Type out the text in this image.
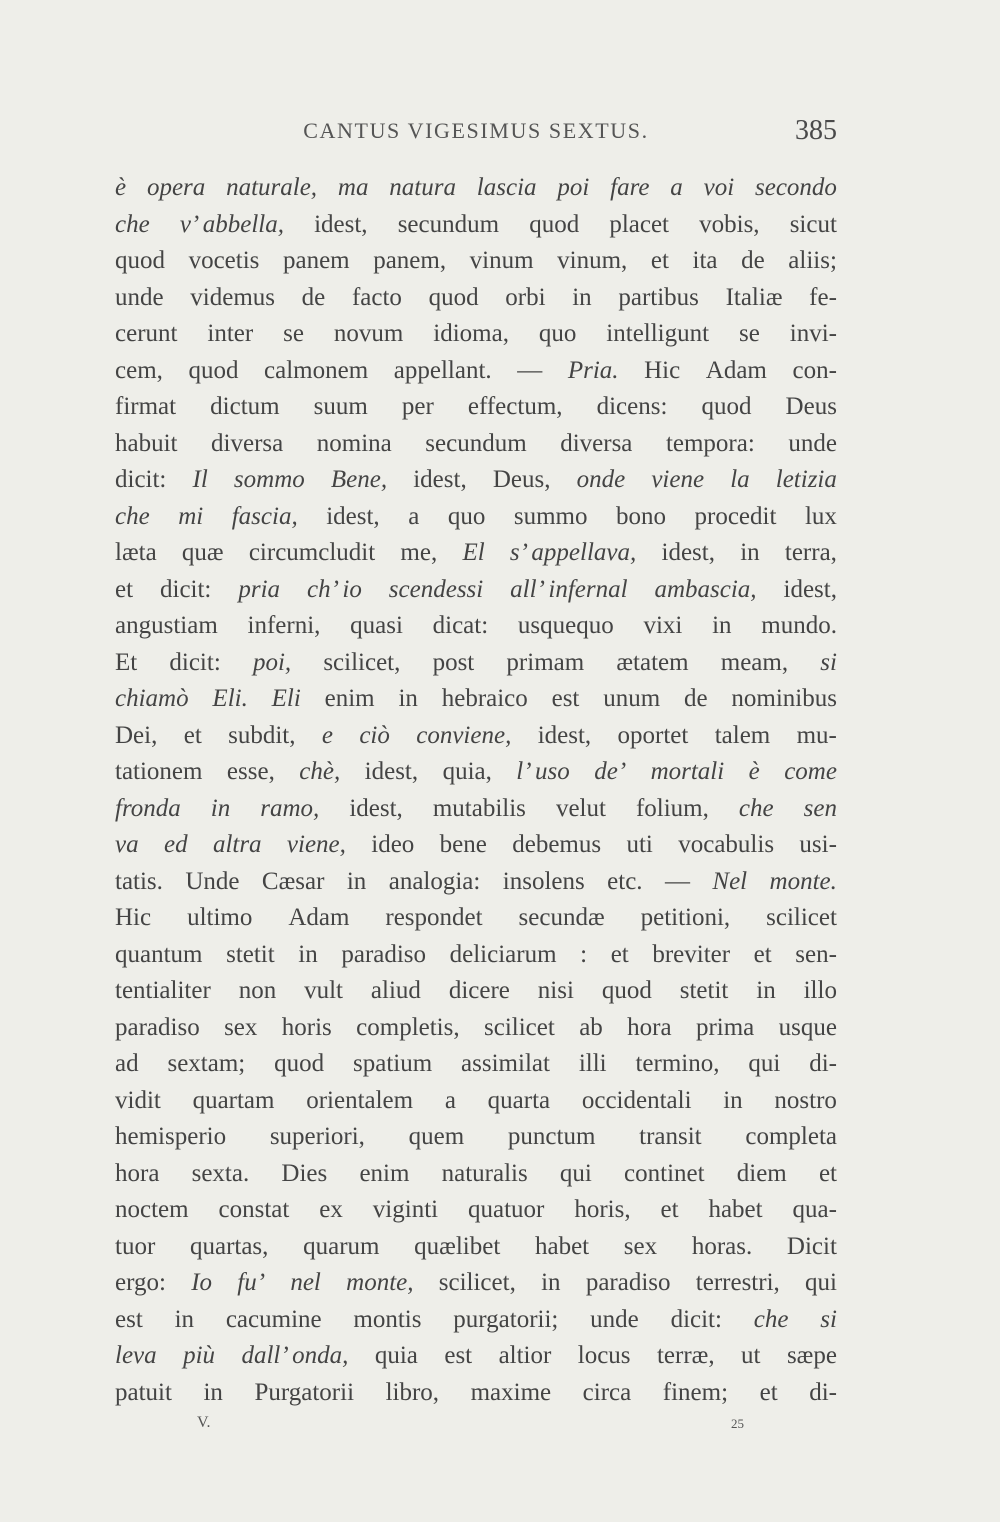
CANTUS VIGESIMUS SEXTUS.	385
è opera naturale, ma natura lascia poi fare a voi secondo
che v’ abbella, idest, secundum quod placet vobis, sicut
quod vocetis panem panem, vinum vinum, et ita de aliis;
unde videmus de facto quod orbi in partibus Italiæ fe-
cerunt inter se novum idioma, quo intelligunt se invi-
cem, quod calmonem appellant. — Pria. Hic Adam con-
firmat dictum suum per effectum, dicens: quod Deus
habuit diversa nomina secundum diversa tempora: unde
dicit: Il sommo Bene, idest, Deus, onde viene la letizia
che mi fascia, idest, a quo summo bono procedit lux
læta quæ circumcludit me, El s’ appellava, idest, in terra,
et dicit: pria ch’ io scendessi all’ infernal ambascia, idest,
angustiam inferni, quasi dicat: usquequo vixi in mundo.
Et dicit: poi, scilicet, post primam ætatem meam, si
chiamò Eli. Eli enim in hebraico est unum de nominibus
Dei, et subdit, e ciò conviene, idest, oportet talem mu-
tationem esse, chè, idest, quia, l’ uso de’ mortali è come
fronda in ramo, idest, mutabilis velut folium, che sen
va ed altra viene, ideo bene debemus uti vocabulis usi-
tatis. Unde Cæsar in analogia: insolens etc. — Nel monte.
Hic ultimo Adam respondet secundæ petitioni, scilicet
quantum stetit in paradiso deliciarum : et breviter et sen-
tentialiter non vult aliud dicere nisi quod stetit in illo
paradiso sex horis completis, scilicet ab hora prima usque
ad sextam; quod spatium assimilat illi termino, qui di-
vidit quartam orientalem a quarta occidentali in nostro
hemisperio superiori, quem punctum transit completa
hora sexta. Dies enim naturalis qui continet diem et
noctem constat ex viginti quatuor horis, et habet qua-
tuor quartas, quarum quælibet habet sex horas. Dicit
ergo: Io fu’ nel monte, scilicet, in paradiso terrestri, qui
est in cacumine montis purgatorii; unde dicit: che si
leva più dall’ onda, quia est altior locus terræ, ut sæpe
patuit in Purgatorii libro, maxime circa finem; et di-
V.	25
